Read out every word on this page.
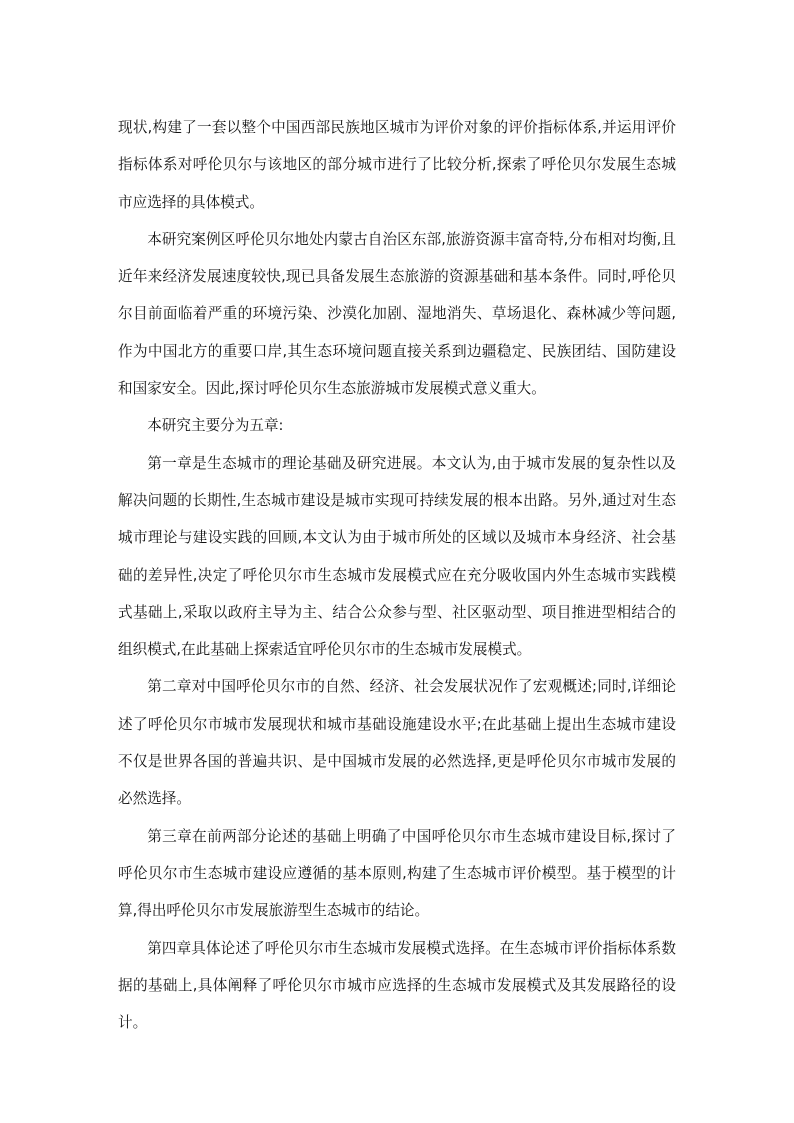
现状,构建了一套以整个中国西部民族地区城市为评价对象的评价指标体系,并运用评价指标体系对呼伦贝尔与该地区的部分城市进行了比较分析,探索了呼伦贝尔发展生态城市应选择的具体模式。

本研究案例区呼伦贝尔地处内蒙古自治区东部,旅游资源丰富奇特,分布相对均衡,且近年来经济发展速度较快,现已具备发展生态旅游的资源基础和基本条件。同时,呼伦贝尔目前面临着严重的环境污染、沙漠化加剧、湿地消失、草场退化、森林减少等问题,作为中国北方的重要口岸,其生态环境问题直接关系到边疆稳定、民族团结、国防建设和国家安全。因此,探讨呼伦贝尔生态旅游城市发展模式意义重大。

本研究主要分为五章:

第一章是生态城市的理论基础及研究进展。本文认为,由于城市发展的复杂性以及解决问题的长期性,生态城市建设是城市实现可持续发展的根本出路。另外,通过对生态城市理论与建设实践的回顾,本文认为由于城市所处的区域以及城市本身经济、社会基础的差异性,决定了呼伦贝尔市生态城市发展模式应在充分吸收国内外生态城市实践模式基础上,采取以政府主导为主、结合公众参与型、社区驱动型、项目推进型相结合的组织模式,在此基础上探索适宜呼伦贝尔市的生态城市发展模式。

第二章对中国呼伦贝尔市的自然、经济、社会发展状况作了宏观概述;同时,详细论述了呼伦贝尔市城市发展现状和城市基础设施建设水平;在此基础上提出生态城市建设不仅是世界各国的普遍共识、是中国城市发展的必然选择,更是呼伦贝尔市城市发展的必然选择。

第三章在前两部分论述的基础上明确了中国呼伦贝尔市生态城市建设目标,探讨了呼伦贝尔市生态城市建设应遵循的基本原则,构建了生态城市评价模型。基于模型的计算,得出呼伦贝尔市发展旅游型生态城市的结论。

第四章具体论述了呼伦贝尔市生态城市发展模式选择。在生态城市评价指标体系数据的基础上,具体阐释了呼伦贝尔市城市应选择的生态城市发展模式及其发展路径的设计。
